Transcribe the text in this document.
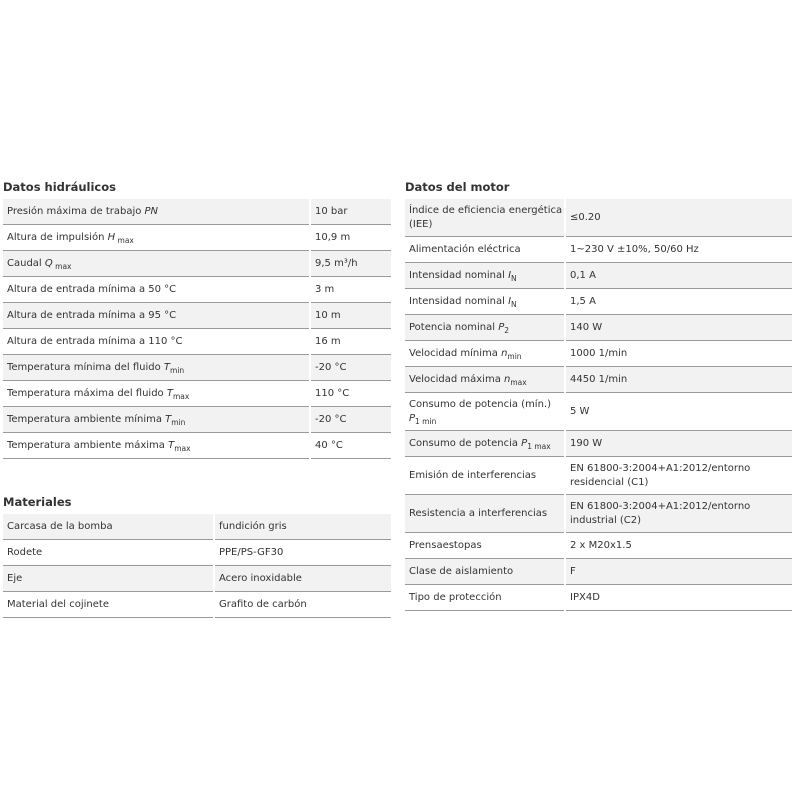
Datos hidráulicos
Presión máxima de trabajo PN	10 bar
Altura de impulsión H $_{max}$	10,9 m
Caudal Q $_{max}$	9,5 m³/h
Altura de entrada mínima a 50 °C	3 m
Altura de entrada mínima a 95 °C	10 m
Altura de entrada mínima a 110 °C	16 m
Temperatura mínima del fluido $T_{min}$	-20 °C
Temperatura máxima del fluido $T_{max}$	110 °C
Temperatura ambiente mínima $T_{min}$	-20 °C
Temperatura ambiente máxima $T_{max}$	40 °C
Materiales
Carcasa de la bomba	fundición gris
Rodete	PPE/PS-GF30
Eje	Acero inoxidable
Material del cojinete	Grafito de carbón
Datos del motor
Índice de eficiencia energética (IEE)	≤0.20
Alimentación eléctrica	1~230 V ±10%, 50/60 Hz
Intensidad nominal $I_N$	0,1 A
Intensidad nominal $I_N$	1,5 A
Potencia nominal $P_2$	140 W
Velocidad mínima $n_{min}$	1000 1/min
Velocidad máxima $n_{max}$	4450 1/min
Consumo de potencia (mín.) $P_{1 min}$	5 W
Consumo de potencia $P_{1 max}$	190 W
Emisión de interferencias	EN 61800-3:2004+A1:2012/entorno residencial (C1)
Resistencia a interferencias	EN 61800-3:2004+A1:2012/entorno industrial (C2)
Prensaestopas	2 x M20x1.5
Clase de aislamiento	F
Tipo de protección	IPX4D
